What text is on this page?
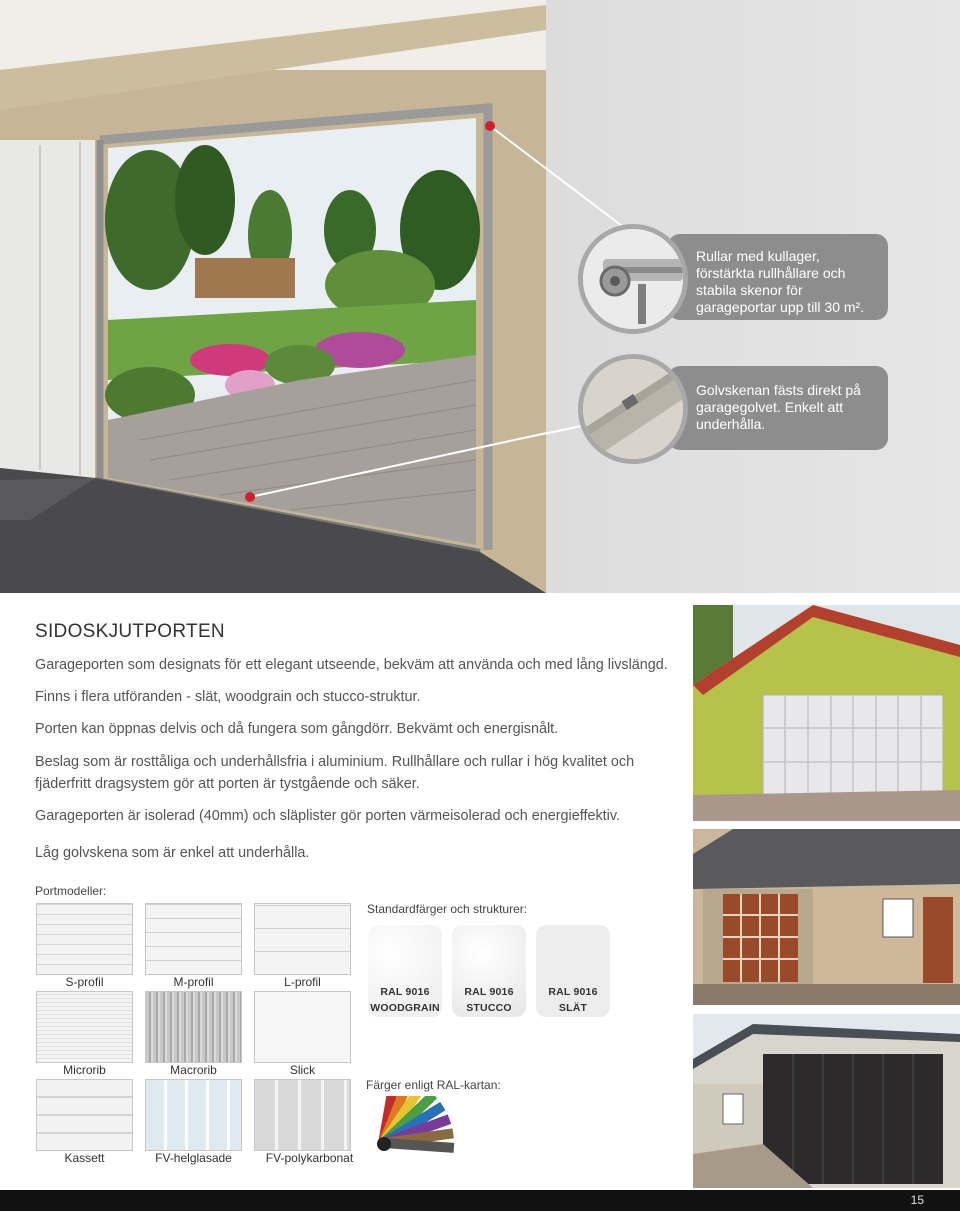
Rullar med kullager, förstärkta rullhållare och stabila skenor för garageportar upp till 30 m².
Golvskenan fästs direkt på garagegolvet. Enkelt att underhålla.
SIDOSKJUTPORTEN
Garageporten som designats för ett elegant utseende, bekväm att använda och med lång livslängd.
Finns i flera utföranden - slät, woodgrain och stucco-struktur.
Porten kan öppnas delvis och då fungera som gångdörr. Bekvämt och energisnålt.
Beslag som är rosttåliga och underhållsfria i aluminium. Rullhållare och rullar i hög kvalitet och fjäderfritt dragsystem gör att porten är tystgående och säker.
Garageporten är isolerad (40mm) och släplister gör porten värmeisolerad och energieffektiv.
Låg golvskena som är enkel att underhålla.
Portmodeller:
S-profil	M-profil	L-profil
Microrib	Macrorib	Slick
Kassett	FV-helglasade	FV-polykarbonat
Standardfärger och strukturer:
RAL 9016
WOODGRAIN
RAL 9016
STUCCO
RAL 9016
SLÄT
Färger enligt RAL-kartan:
15
